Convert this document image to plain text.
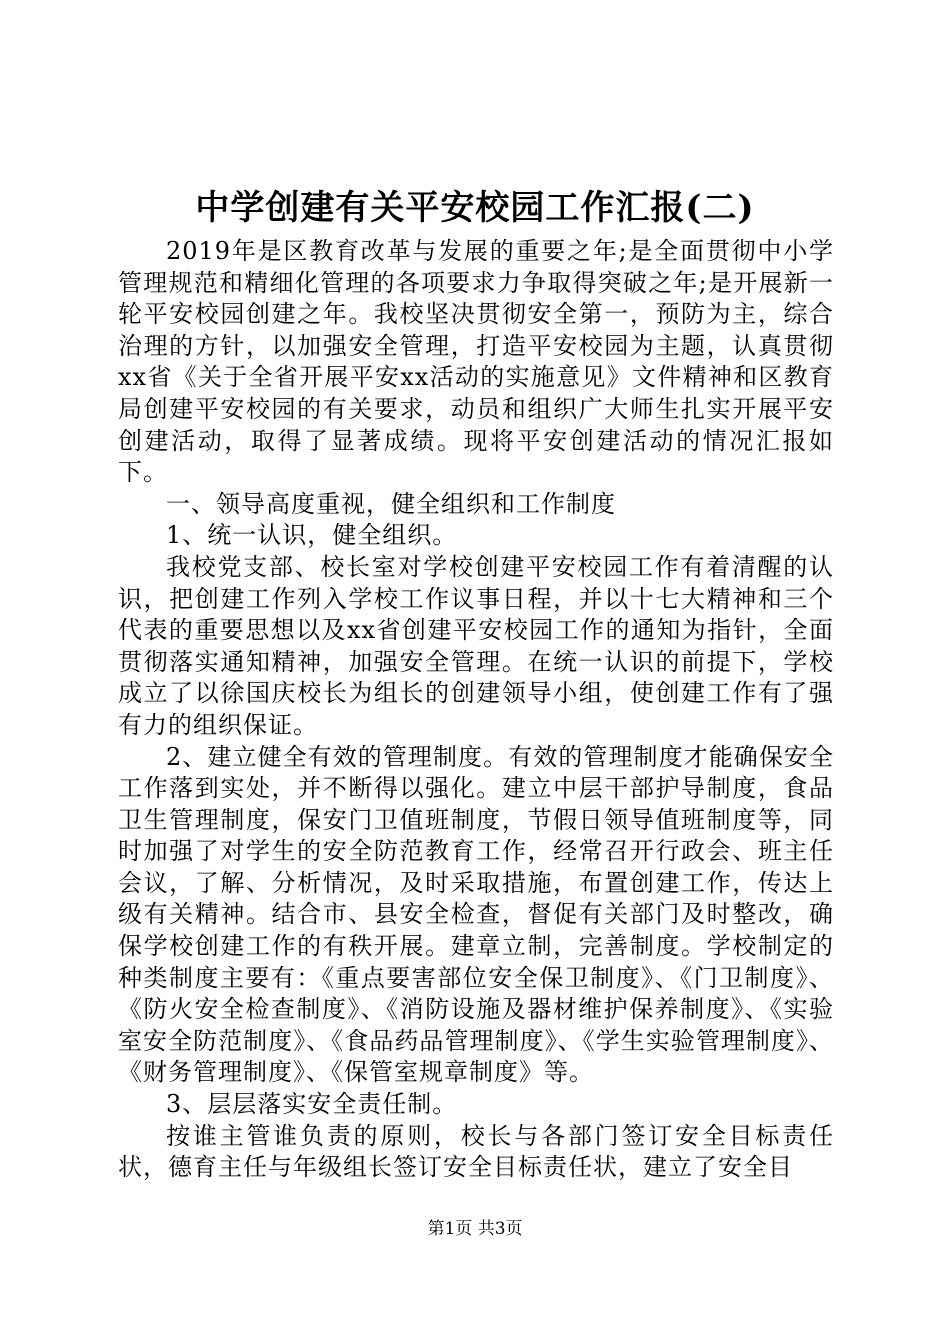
中学创建有关平安校园工作汇报(二)

2019年是区教育改革与发展的重要之年;是全面贯彻中小学管理规范和精细化管理的各项要求力争取得突破之年;是开展新一轮平安校园创建之年。我校坚决贯彻安全第一，预防为主，综合治理的方针，以加强安全管理，打造平安校园为主题，认真贯彻xx省《关于全省开展平安xx活动的实施意见》文件精神和区教育局创建平安校园的有关要求，动员和组织广大师生扎实开展平安创建活动，取得了显著成绩。现将平安创建活动的情况汇报如下。

一、领导高度重视，健全组织和工作制度

1、统一认识，健全组织。

我校党支部、校长室对学校创建平安校园工作有着清醒的认识，把创建工作列入学校工作议事日程，并以十七大精神和三个代表的重要思想以及xx省创建平安校园工作的通知为指针，全面贯彻落实通知精神，加强安全管理。在统一认识的前提下，学校成立了以徐国庆校长为组长的创建领导小组，使创建工作有了强有力的组织保证。

2、建立健全有效的管理制度。有效的管理制度才能确保安全工作落到实处，并不断得以强化。建立中层干部护导制度，食品卫生管理制度，保安门卫值班制度，节假日领导值班制度等，同时加强了对学生的安全防范教育工作，经常召开行政会、班主任会议，了解、分析情况，及时采取措施，布置创建工作，传达上级有关精神。结合市、县安全检查，督促有关部门及时整改，确保学校创建工作的有秩开展。建章立制，完善制度。学校制定的种类制度主要有：《重点要害部位安全保卫制度》、《门卫制度》、《防火安全检查制度》、《消防设施及器材维护保养制度》、《实验室安全防范制度》、《食品药品管理制度》、《学生实验管理制度》、《财务管理制度》、《保管室规章制度》等。

3、层层落实安全责任制。

按谁主管谁负责的原则，校长与各部门签订安全目标责任状，德育主任与年级组长签订安全目标责任状，建立了安全目

第1页 共3页
